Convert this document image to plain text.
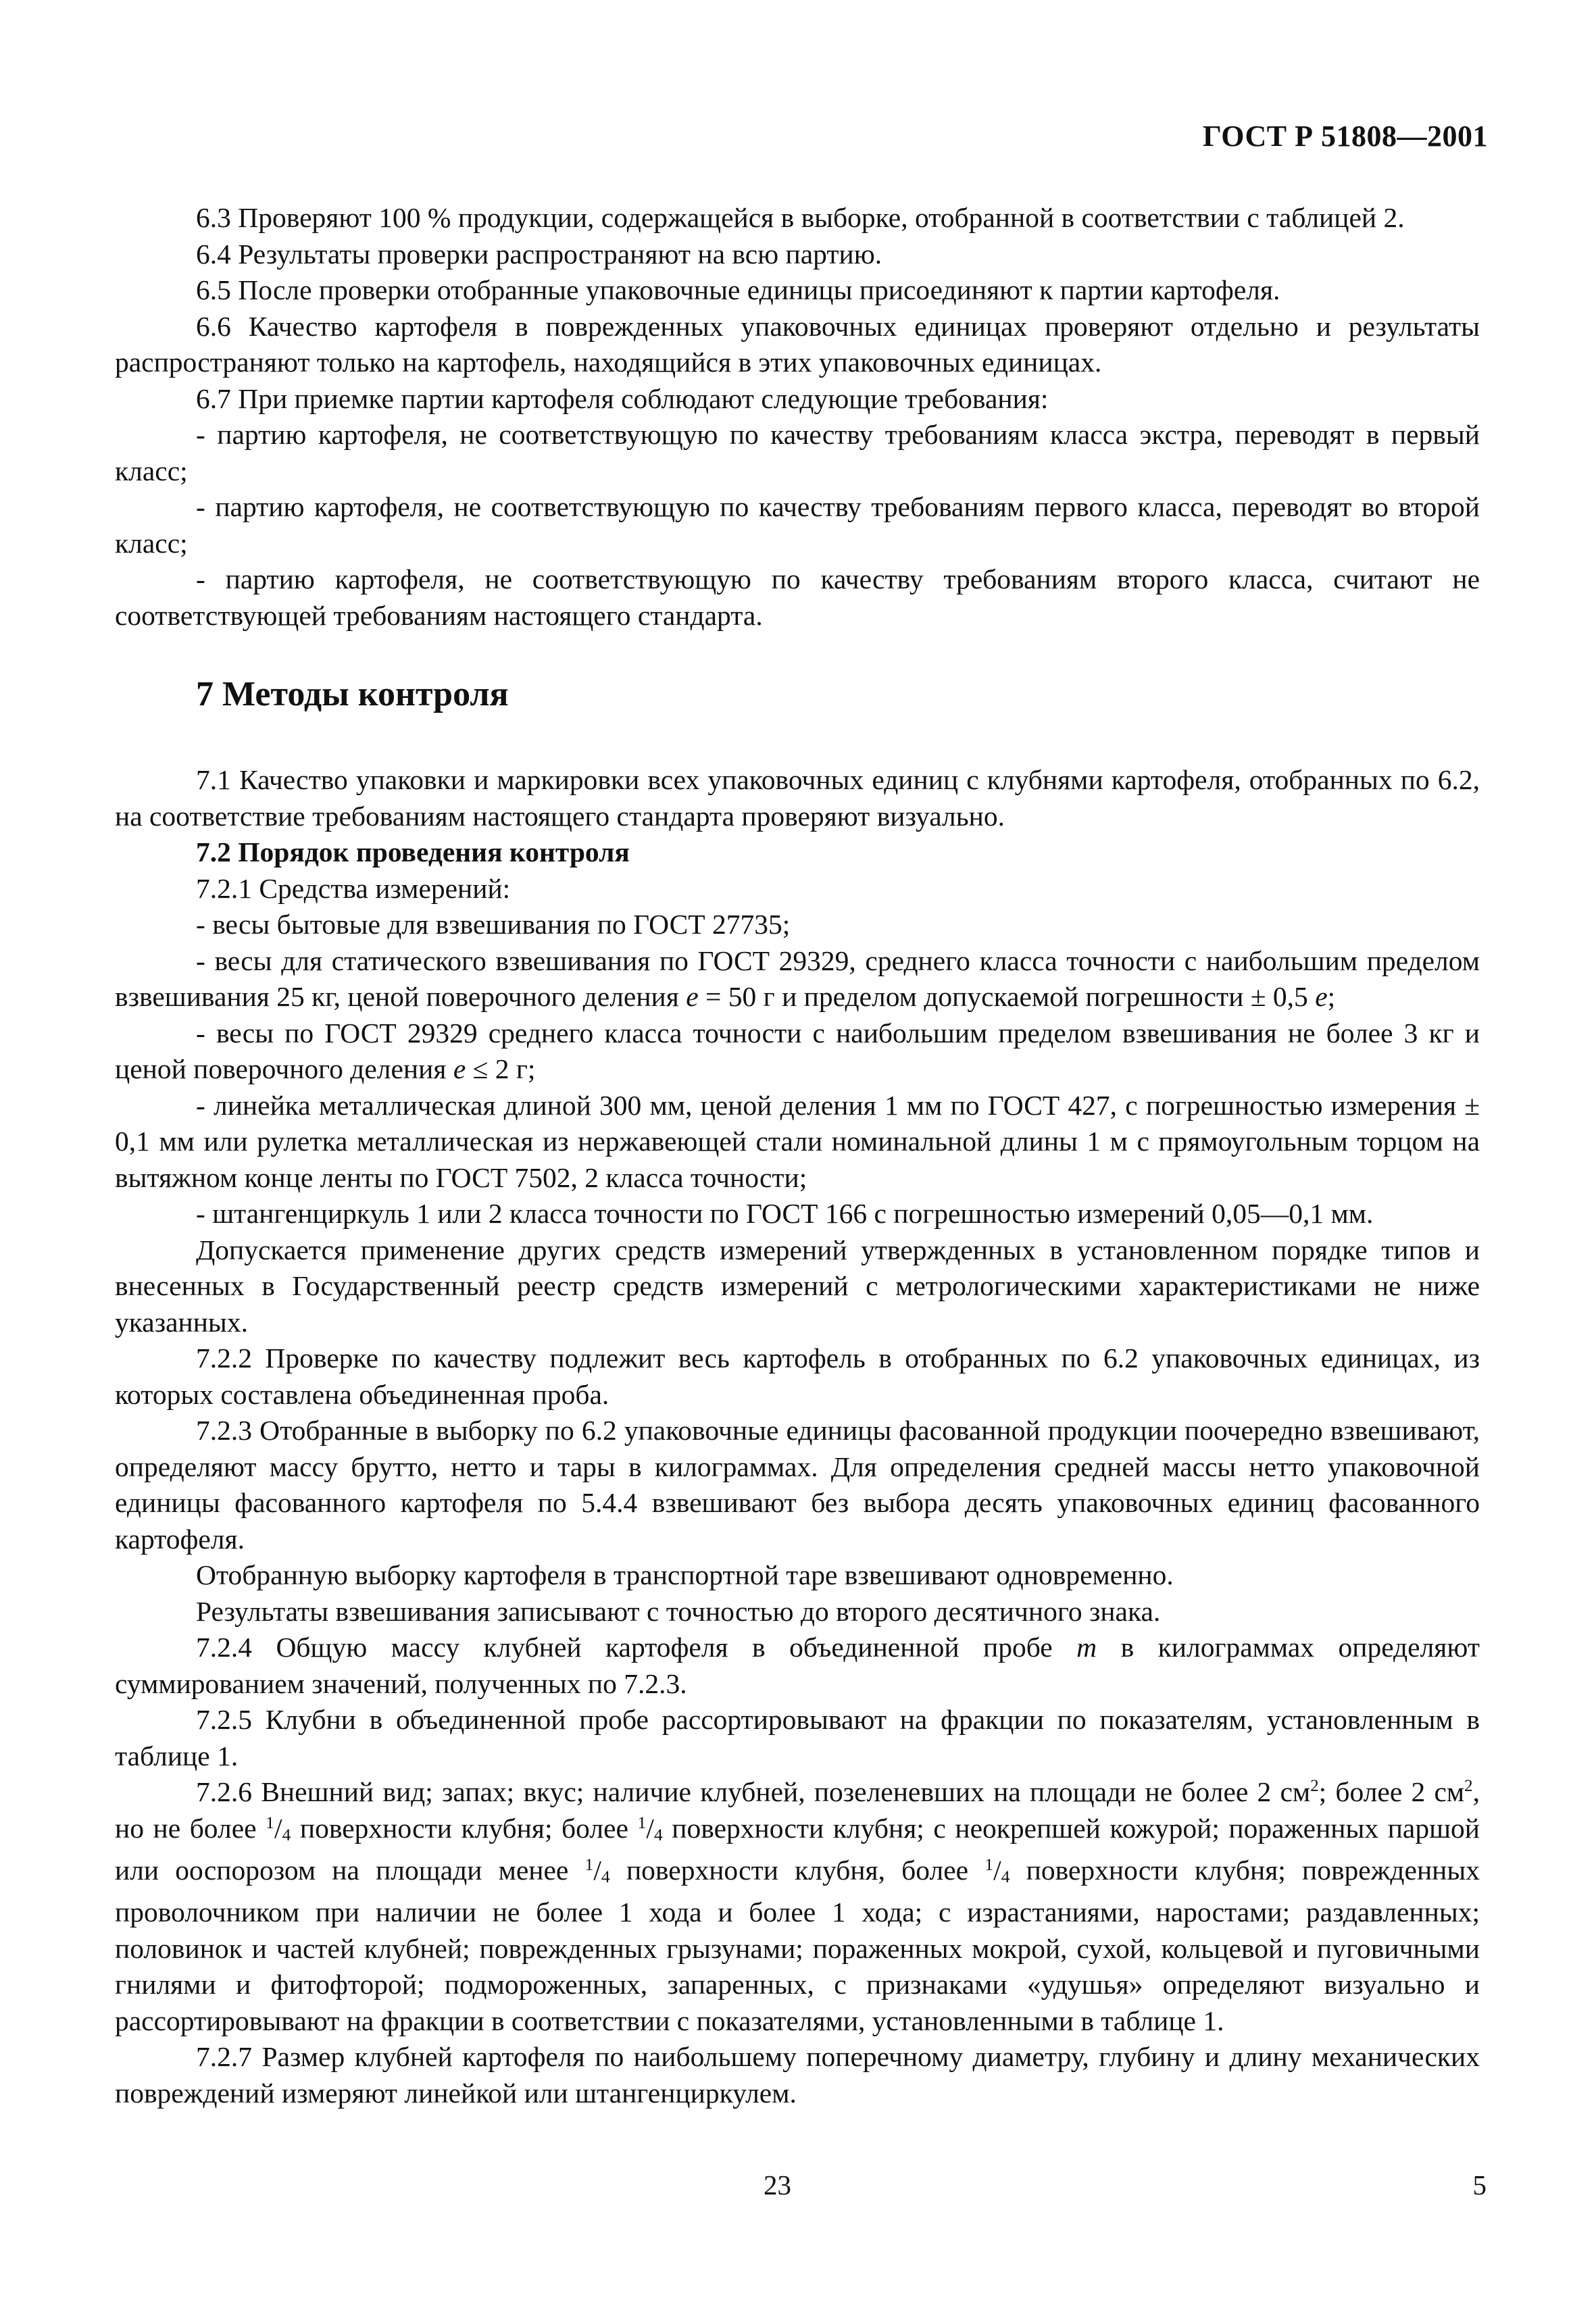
ГОСТ Р 51808—2001

6.3 Проверяют 100 % продукции, содержащейся в выборке, отобранной в соответствии с таблицей 2.

6.4 Результаты проверки распространяют на всю партию.

6.5 После проверки отобранные упаковочные единицы присоединяют к партии картофеля.

6.6 Качество картофеля в поврежденных упаковочных единицах проверяют отдельно и результаты распространяют только на картофель, находящийся в этих упаковочных единицах.

6.7 При приемке партии картофеля соблюдают следующие требования:

- партию картофеля, не соответствующую по качеству требованиям класса экстра, переводят в первый класс;

- партию картофеля, не соответствующую по качеству требованиям первого класса, переводят во второй класс;

- партию картофеля, не соответствующую по качеству требованиям второго класса, считают не соответствующей требованиям настоящего стандарта.

7 Методы контроля

7.1 Качество упаковки и маркировки всех упаковочных единиц с клубнями картофеля, отобранных по 6.2, на соответствие требованиям настоящего стандарта проверяют визуально.

7.2 Порядок проведения контроля

7.2.1 Средства измерений:

- весы бытовые для взвешивания по ГОСТ 27735;

- весы для статического взвешивания по ГОСТ 29329, среднего класса точности с наибольшим пределом взвешивания 25 кг, ценой поверочного деления e = 50 г и пределом допускаемой погрешности ± 0,5 e;

- весы по ГОСТ 29329 среднего класса точности с наибольшим пределом взвешивания не более 3 кг и ценой поверочного деления e ≤ 2 г;

- линейка металлическая длиной 300 мм, ценой деления 1 мм по ГОСТ 427, с погрешностью измерения ± 0,1 мм или рулетка металлическая из нержавеющей стали номинальной длины 1 м с прямоугольным торцом на вытяжном конце ленты по ГОСТ 7502, 2 класса точности;

- штангенциркуль 1 или 2 класса точности по ГОСТ 166 с погрешностью измерений 0,05—0,1 мм.

Допускается применение других средств измерений утвержденных в установленном порядке типов и внесенных в Государственный реестр средств измерений с метрологическими характеристиками не ниже указанных.

7.2.2 Проверке по качеству подлежит весь картофель в отобранных по 6.2 упаковочных единицах, из которых составлена объединенная проба.

7.2.3 Отобранные в выборку по 6.2 упаковочные единицы фасованной продукции поочередно взвешивают, определяют массу брутто, нетто и тары в килограммах. Для определения средней массы нетто упаковочной единицы фасованного картофеля по 5.4.4 взвешивают без выбора десять упаковочных единиц фасованного картофеля.

Отобранную выборку картофеля в транспортной таре взвешивают одновременно.

Результаты взвешивания записывают с точностью до второго десятичного знака.

7.2.4 Общую массу клубней картофеля в объединенной пробе m в килограммах определяют суммированием значений, полученных по 7.2.3.

7.2.5 Клубни в объединенной пробе рассортировывают на фракции по показателям, установленным в таблице 1.

7.2.6 Внешний вид; запах; вкус; наличие клубней, позеленевших на площади не более 2 $см^2$; более 2 $см^2$, но не более $^1/_4$ поверхности клубня; более $^1/_4$ поверхности клубня; с неокрепшей кожурой; пораженных паршой или ооспорозом на площади менее $^1/_4$ поверхности клубня, более $^1/_4$ поверхности клубня; поврежденных проволочником при наличии не более 1 хода и более 1 хода; с израстаниями, наростами; раздавленных; половинок и частей клубней; поврежденных грызунами; пораженных мокрой, сухой, кольцевой и пуговичными гнилями и фитофторой; подмороженных, запаренных, с признаками «удушья» определяют визуально и рассортировывают на фракции в соответствии с показателями, установленными в таблице 1.

7.2.7 Размер клубней картофеля по наибольшему поперечному диаметру, глубину и длину механических повреждений измеряют линейкой или штангенциркулем.

23	5
